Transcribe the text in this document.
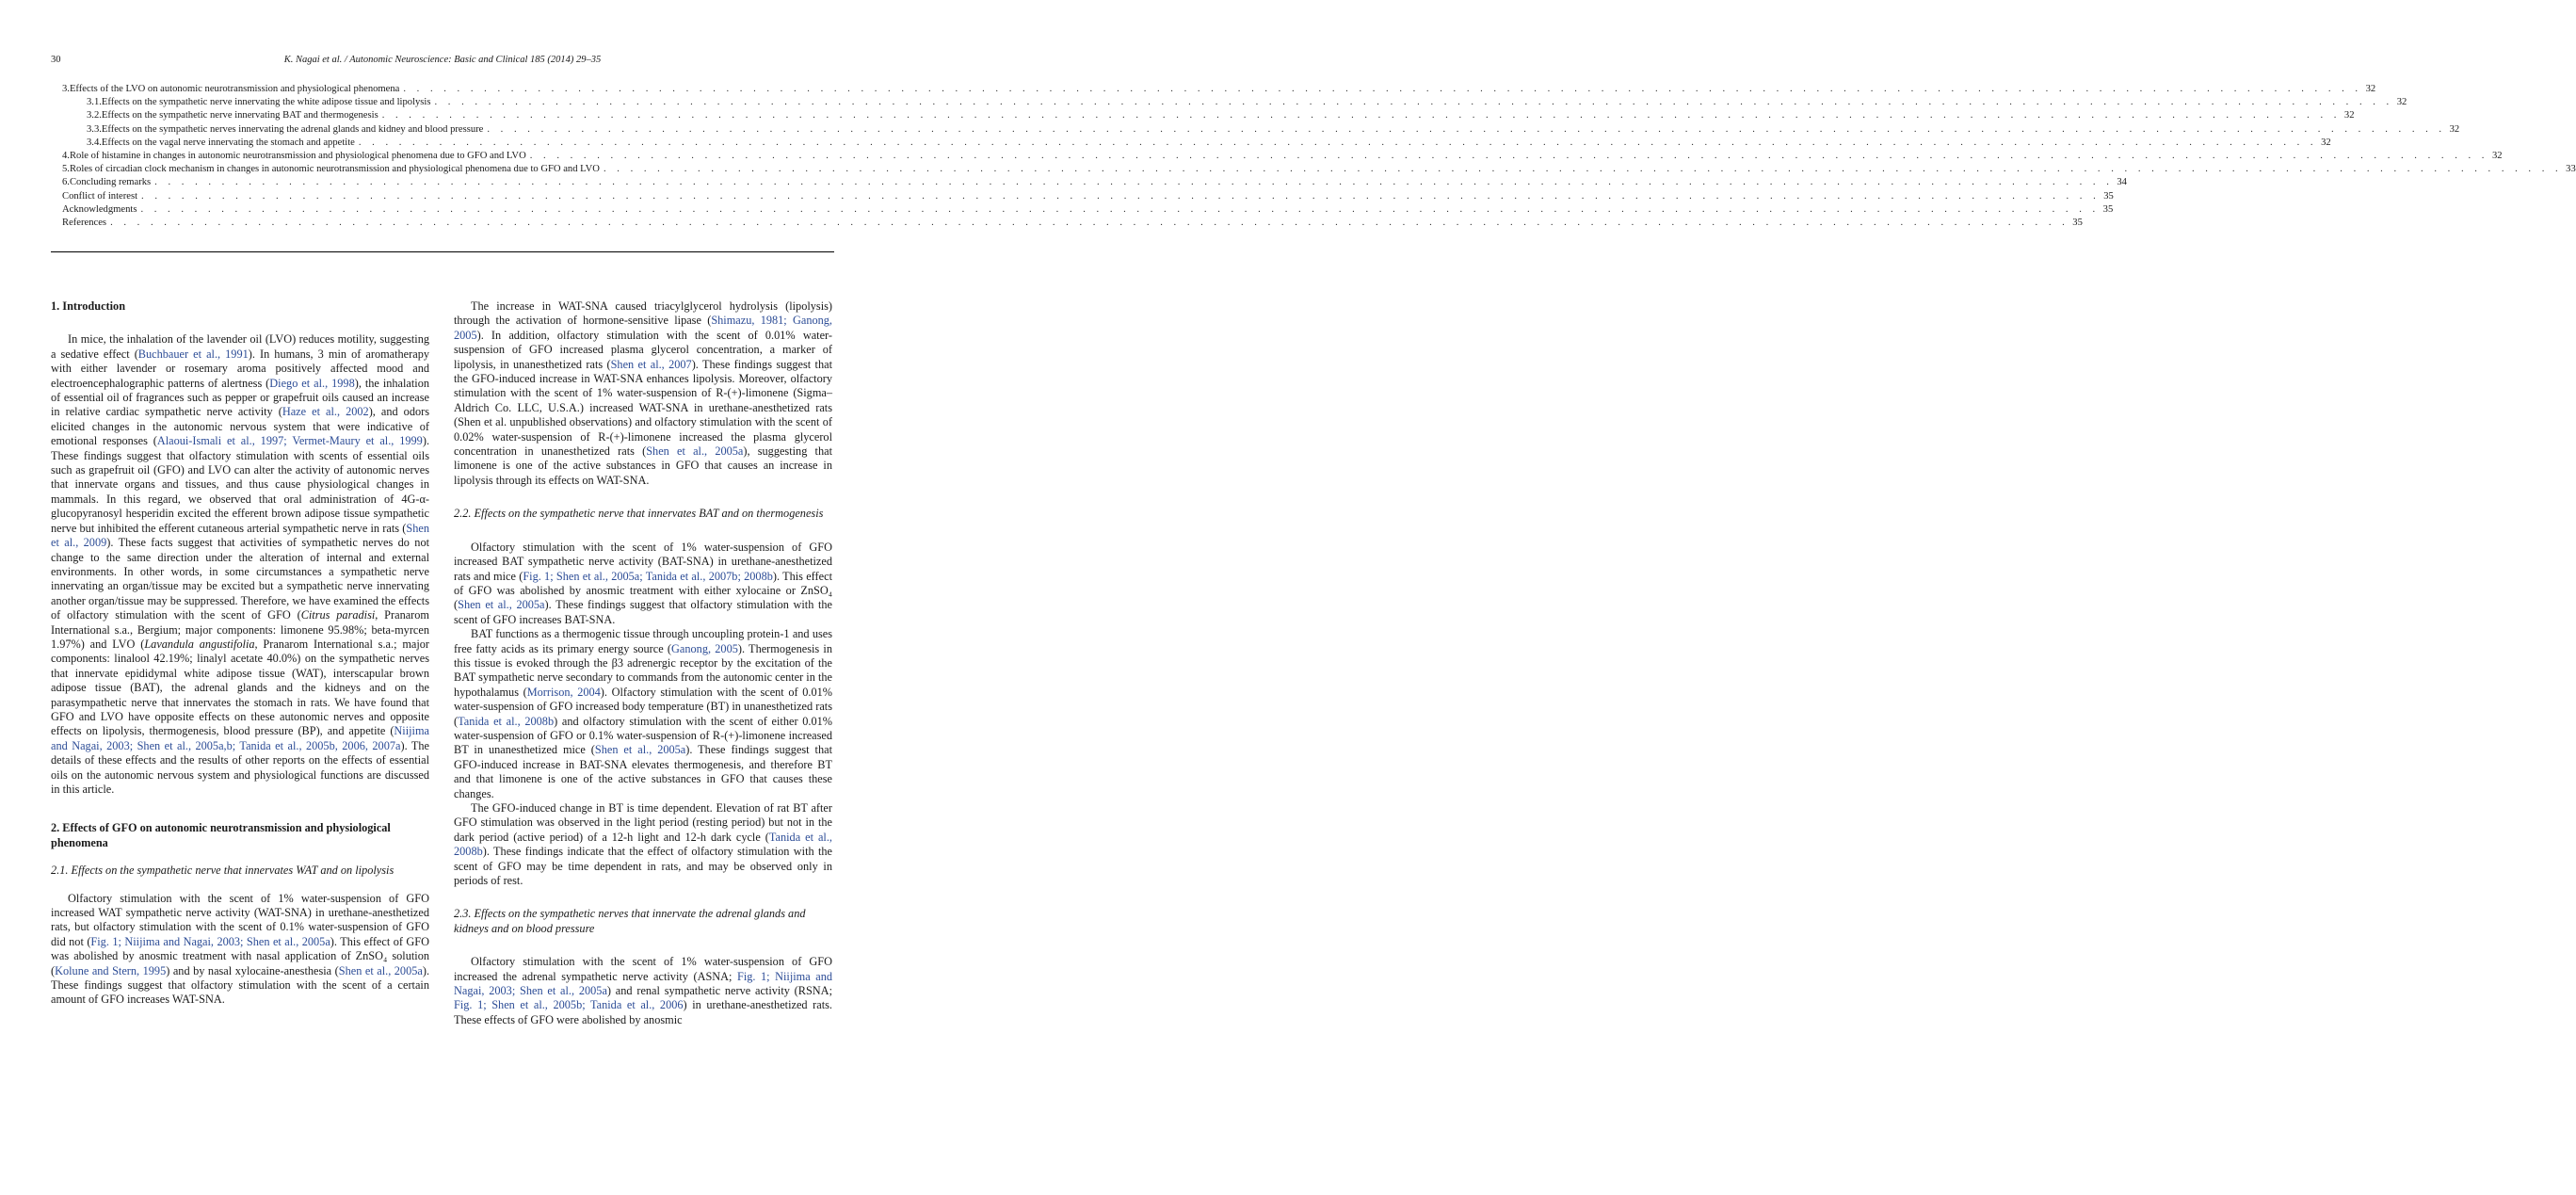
30	K. Nagai et al. / Autonomic Neuroscience: Basic and Clinical 185 (2014) 29–35
3. Effects of the LVO on autonomic neurotransmission and physiological phenomena . . .	32
3.1. Effects on the sympathetic nerve innervating the white adipose tissue and lipolysis . . .	32
3.2. Effects on the sympathetic nerve innervating BAT and thermogenesis . . .	32
3.3. Effects on the sympathetic nerves innervating the adrenal glands and kidney and blood pressure . . .	32
3.4. Effects on the vagal nerve innervating the stomach and appetite . . .	32
4. Role of histamine in changes in autonomic neurotransmission and physiological phenomena due to GFO and LVO . . .	32
5. Roles of circadian clock mechanism in changes in autonomic neurotransmission and physiological phenomena due to GFO and LVO . . .	33
6. Concluding remarks . . .	34
Conflict of interest . . .	35
Acknowledgments . . .	35
References . . .	35
1. Introduction

In mice, the inhalation of the lavender oil (LVO) reduces motility, suggesting a sedative effect (Buchbauer et al., 1991). In humans, 3 min of aromatherapy with either lavender or rosemary aroma positively affected mood and electroencephalographic patterns of alertness (Diego et al., 1998), the inhalation of essential oil of fragrances such as pepper or grapefruit oils caused an increase in relative cardiac sympathetic nerve activity (Haze et al., 2002), and odors elicited changes in the autonomic nervous system that were indicative of emotional responses (Alaoui-Ismali et al., 1997; Vermet-Maury et al., 1999). These findings suggest that olfactory stimulation with scents of essential oils such as grapefruit oil (GFO) and LVO can alter the activity of autonomic nerves that innervate organs and tissues, and thus cause physiological changes in mammals. In this regard, we observed that oral administration of 4G-α-glucopyranosyl hesperidin excited the efferent brown adipose tissue sympathetic nerve but inhibited the efferent cutaneous arterial sympathetic nerve in rats (Shen et al., 2009). These facts suggest that activities of sympathetic nerves do not change to the same direction under the alteration of internal and external environments. In other words, in some circumstances a sympathetic nerve innervating an organ/tissue may be excited but a sympathetic nerve innervating another organ/tissue may be suppressed. Therefore, we have examined the effects of olfactory stimulation with the scent of GFO (Citrus paradisi, Pranarom International s.a., Bergium; major components: limonene 95.98%; beta-myrcen 1.97%) and LVO (Lavandula angustifolia, Pranarom International s.a.; major components: linalool 42.19%; linalyl acetate 40.0%) on the sympathetic nerves that innervate epididymal white adipose tissue (WAT), interscapular brown adipose tissue (BAT), the adrenal glands and the kidneys and on the parasympathetic nerve that innervates the stomach in rats. We have found that GFO and LVO have opposite effects on these autonomic nerves and opposite effects on lipolysis, thermogenesis, blood pressure (BP), and appetite (Niijima and Nagai, 2003; Shen et al., 2005a,b; Tanida et al., 2005b, 2006, 2007a). The details of these effects and the results of other reports on the effects of essential oils on the autonomic nervous system and physiological functions are discussed in this article.

2. Effects of GFO on autonomic neurotransmission and physiological phenomena
2.1. Effects on the sympathetic nerve that innervates WAT and on lipolysis

Olfactory stimulation with the scent of 1% water-suspension of GFO increased WAT sympathetic nerve activity (WAT-SNA) in urethane-anesthetized rats, but olfactory stimulation with the scent of 0.1% water-suspension of GFO did not (Fig. 1; Niijima and Nagai, 2003; Shen et al., 2005a). This effect of GFO was abolished by anosmic treatment with nasal application of ZnSO₄ solution (Kolune and Stern, 1995) and by nasal xylocaine-anesthesia (Shen et al., 2005a). These findings suggest that olfactory stimulation with the scent of a certain amount of GFO increases WAT-SNA.

The increase in WAT-SNA caused triacylglycerol hydrolysis (lipolysis) through the activation of hormone-sensitive lipase (Shimazu, 1981; Ganong, 2005). In addition, olfactory stimulation with the scent of 0.01% water-suspension of GFO increased plasma glycerol concentration, a marker of lipolysis, in unanesthetized rats (Shen et al., 2007). These findings suggest that the GFO-induced increase in WAT-SNA enhances lipolysis. Moreover, olfactory stimulation with the scent of 1% water-suspension of R-(+)-limonene (Sigma–Aldrich Co. LLC, U.S.A.) increased WAT-SNA in urethane-anesthetized rats (Shen et al. unpublished observations) and olfactory stimulation with the scent of 0.02% water-suspension of R-(+)-limonene increased the plasma glycerol concentration in unanesthetized rats (Shen et al., 2005a), suggesting that limonene is one of the active substances in GFO that causes an increase in lipolysis through its effects on WAT-SNA.

2.2. Effects on the sympathetic nerve that innervates BAT and on thermogenesis

Olfactory stimulation with the scent of 1% water-suspension of GFO increased BAT sympathetic nerve activity (BAT-SNA) in urethane-anesthetized rats and mice (Fig. 1; Shen et al., 2005a; Tanida et al., 2007b; 2008b). This effect of GFO was abolished by anosmic treatment with either xylocaine or ZnSO₄ (Shen et al., 2005a). These findings suggest that olfactory stimulation with the scent of GFO increases BAT-SNA.

BAT functions as a thermogenic tissue through uncoupling protein-1 and uses free fatty acids as its primary energy source (Ganong, 2005). Thermogenesis in this tissue is evoked through the β3 adrenergic receptor by the excitation of the BAT sympathetic nerve secondary to commands from the autonomic center in the hypothalamus (Morrison, 2004). Olfactory stimulation with the scent of 0.01% water-suspension of GFO increased body temperature (BT) in unanesthetized rats (Tanida et al., 2008b) and olfactory stimulation with the scent of either 0.01% water-suspension of GFO or 0.1% water-suspension of R-(+)-limonene increased BT in unanesthetized mice (Shen et al., 2005a). These findings suggest that GFO-induced increase in BAT-SNA elevates thermogenesis, and therefore BT and that limonene is one of the active substances in GFO that causes these changes.

The GFO-induced change in BT is time dependent. Elevation of rat BT after GFO stimulation was observed in the light period (resting period) but not in the dark period (active period) of a 12-h light and 12-h dark cycle (Tanida et al., 2008b). These findings indicate that the effect of olfactory stimulation with the scent of GFO may be time dependent in rats, and may be observed only in periods of rest.

2.3. Effects on the sympathetic nerves that innervate the adrenal glands and kidneys and on blood pressure

Olfactory stimulation with the scent of 1% water-suspension of GFO increased the adrenal sympathetic nerve activity (ASNA; Fig. 1; Niijima and Nagai, 2003; Shen et al., 2005a) and renal sympathetic nerve activity (RSNA; Fig. 1; Shen et al., 2005b; Tanida et al., 2006) in urethane-anesthetized rats. These effects of GFO were abolished by anosmic
